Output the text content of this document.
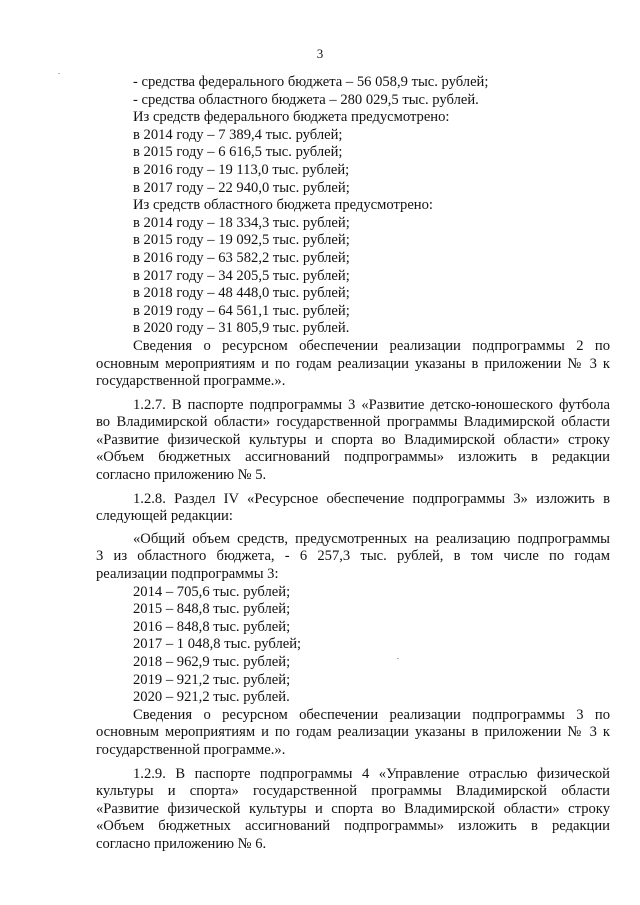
3
- средства федерального бюджета – 56 058,9 тыс. рублей;
- средства областного бюджета – 280 029,5 тыс. рублей.
Из средств федерального бюджета предусмотрено:
в 2014 году – 7 389,4 тыс. рублей;
в 2015 году – 6 616,5 тыс. рублей;
в 2016 году – 19 113,0 тыс. рублей;
в 2017 году – 22 940,0 тыс. рублей;
Из средств областного бюджета предусмотрено:
в 2014 году – 18 334,3 тыс. рублей;
в 2015 году – 19 092,5 тыс. рублей;
в 2016 году – 63 582,2 тыс. рублей;
в 2017 году – 34 205,5 тыс. рублей;
в 2018 году – 48 448,0 тыс. рублей;
в 2019 году – 64 561,1 тыс. рублей;
в 2020 году – 31 805,9 тыс. рублей.
Сведения о ресурсном обеспечении реализации подпрограммы 2 по
основным мероприятиям и по годам реализации указаны в приложении № 3 к
государственной программе.».
1.2.7. В паспорте подпрограммы 3 «Развитие детско-юношеского футбола
во Владимирской области» государственной программы Владимирской области
«Развитие физической культуры и спорта во Владимирской области» строку
«Объем бюджетных ассигнований подпрограммы» изложить в редакции
согласно приложению № 5.
1.2.8. Раздел IV «Ресурсное обеспечение подпрограммы 3» изложить в
следующей редакции:
«Общий объем средств, предусмотренных на реализацию подпрограммы
3 из областного бюджета, - 6 257,3 тыс. рублей, в том числе по годам
реализации подпрограммы 3:
2014 – 705,6 тыс. рублей;
2015 – 848,8 тыс. рублей;
2016 – 848,8 тыс. рублей;
2017 – 1 048,8 тыс. рублей;
2018 – 962,9 тыс. рублей;
2019 – 921,2 тыс. рублей;
2020 – 921,2 тыс. рублей.
Сведения о ресурсном обеспечении реализации подпрограммы 3 по
основным мероприятиям и по годам реализации указаны в приложении № 3 к
государственной программе.».
1.2.9. В паспорте подпрограммы 4 «Управление отраслью физической
культуры и спорта» государственной программы Владимирской области
«Развитие физической культуры и спорта во Владимирской области» строку
«Объем бюджетных ассигнований подпрограммы» изложить в редакции
согласно приложению № 6.
